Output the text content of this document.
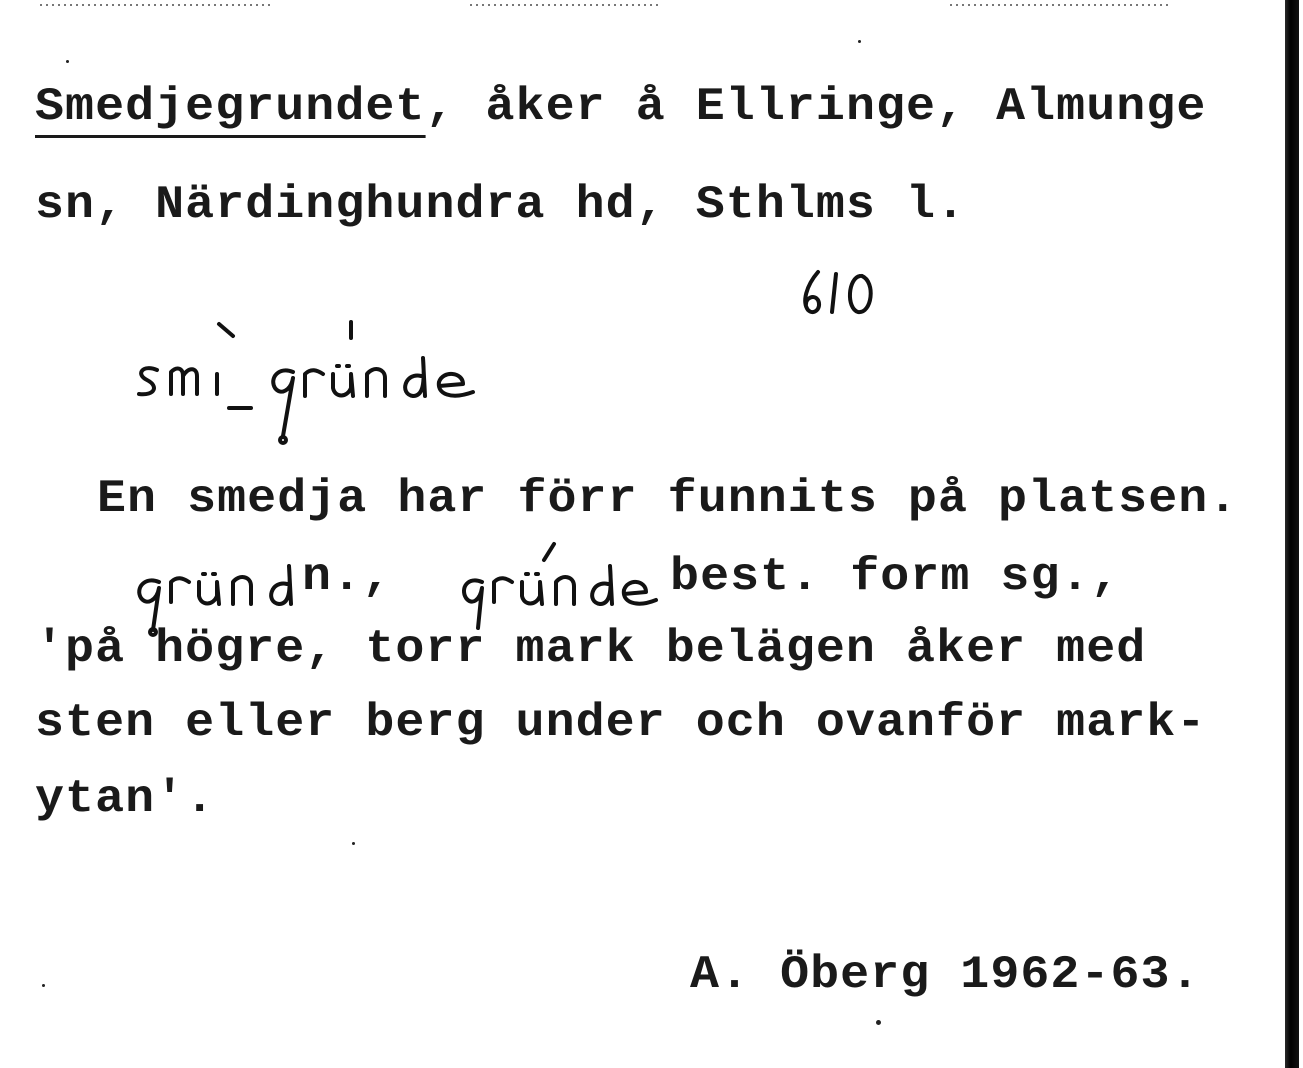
Smedjegrundet, åker å Ellringe, Almunge
sn, Närdinghundra hd, Sthlms l.

En smedja har förr funnits på platsen.

n.,

	best. form sg.,
'på högre, torr mark belägen åker med
sten eller berg under och ovanför mark-
ytan'.
A. Öberg 1962-63.
